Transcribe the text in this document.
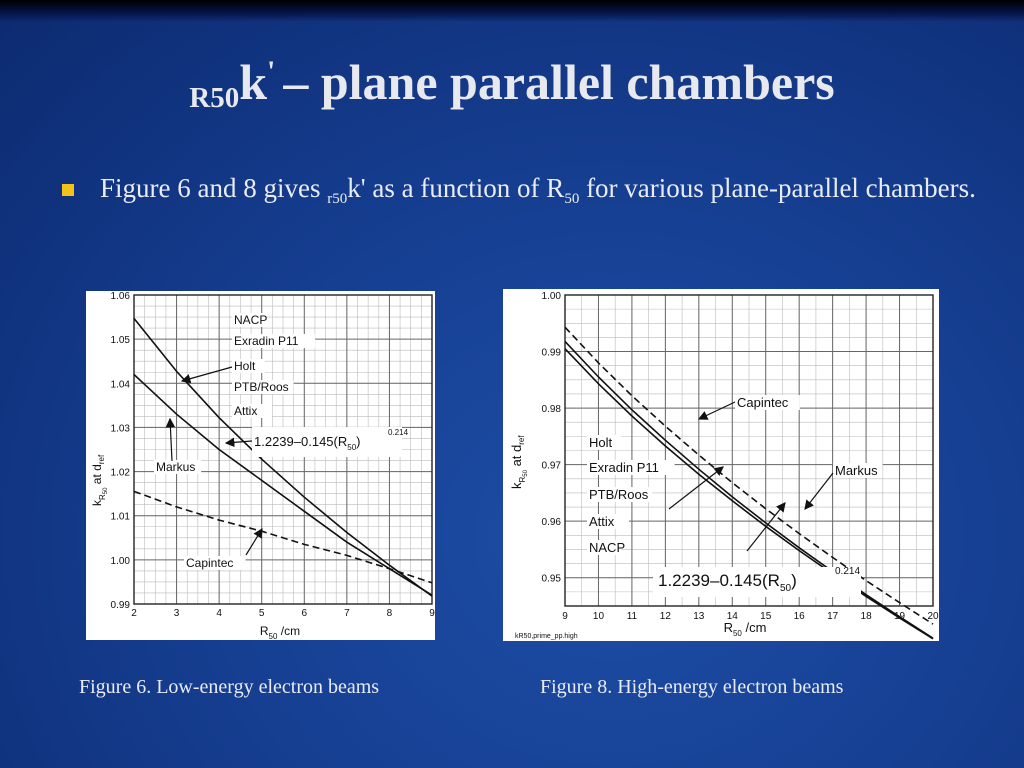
R50k' – plane parallel chambers
Figure 6 and 8 gives $_{r50}$k' as a function of $R_{50}$ for various plane-parallel chambers.
2	3	4	5	6	7	8	9
0.99
1.00
1.01
1.02
1.03
1.04
1.05
1.06
$R_{50}$ /cm
$k_R50$ at $d_{ref}$
NACP
Exradin P11
Holt
PTB/Roos
Attix
Markus
Capintec
$1.2239-0.145(R_{50})$
0.214
9	10 11 12 13 14 15 16 17 18 19 20
0.95
0.96
0.97
0.98
0.99
1.00
$R_{50}$ /cm
$k_R50$ at $d_{ref}$
kR50,prime_pp.high
Capintec
Holt
Exradin P11
PTB/Roos
Attix
NACP
Markus
$1.2239-0.145(R_{50})$	0.214
Figure 6. Low-energy electron beams	Figure 8. High-energy electron beams
